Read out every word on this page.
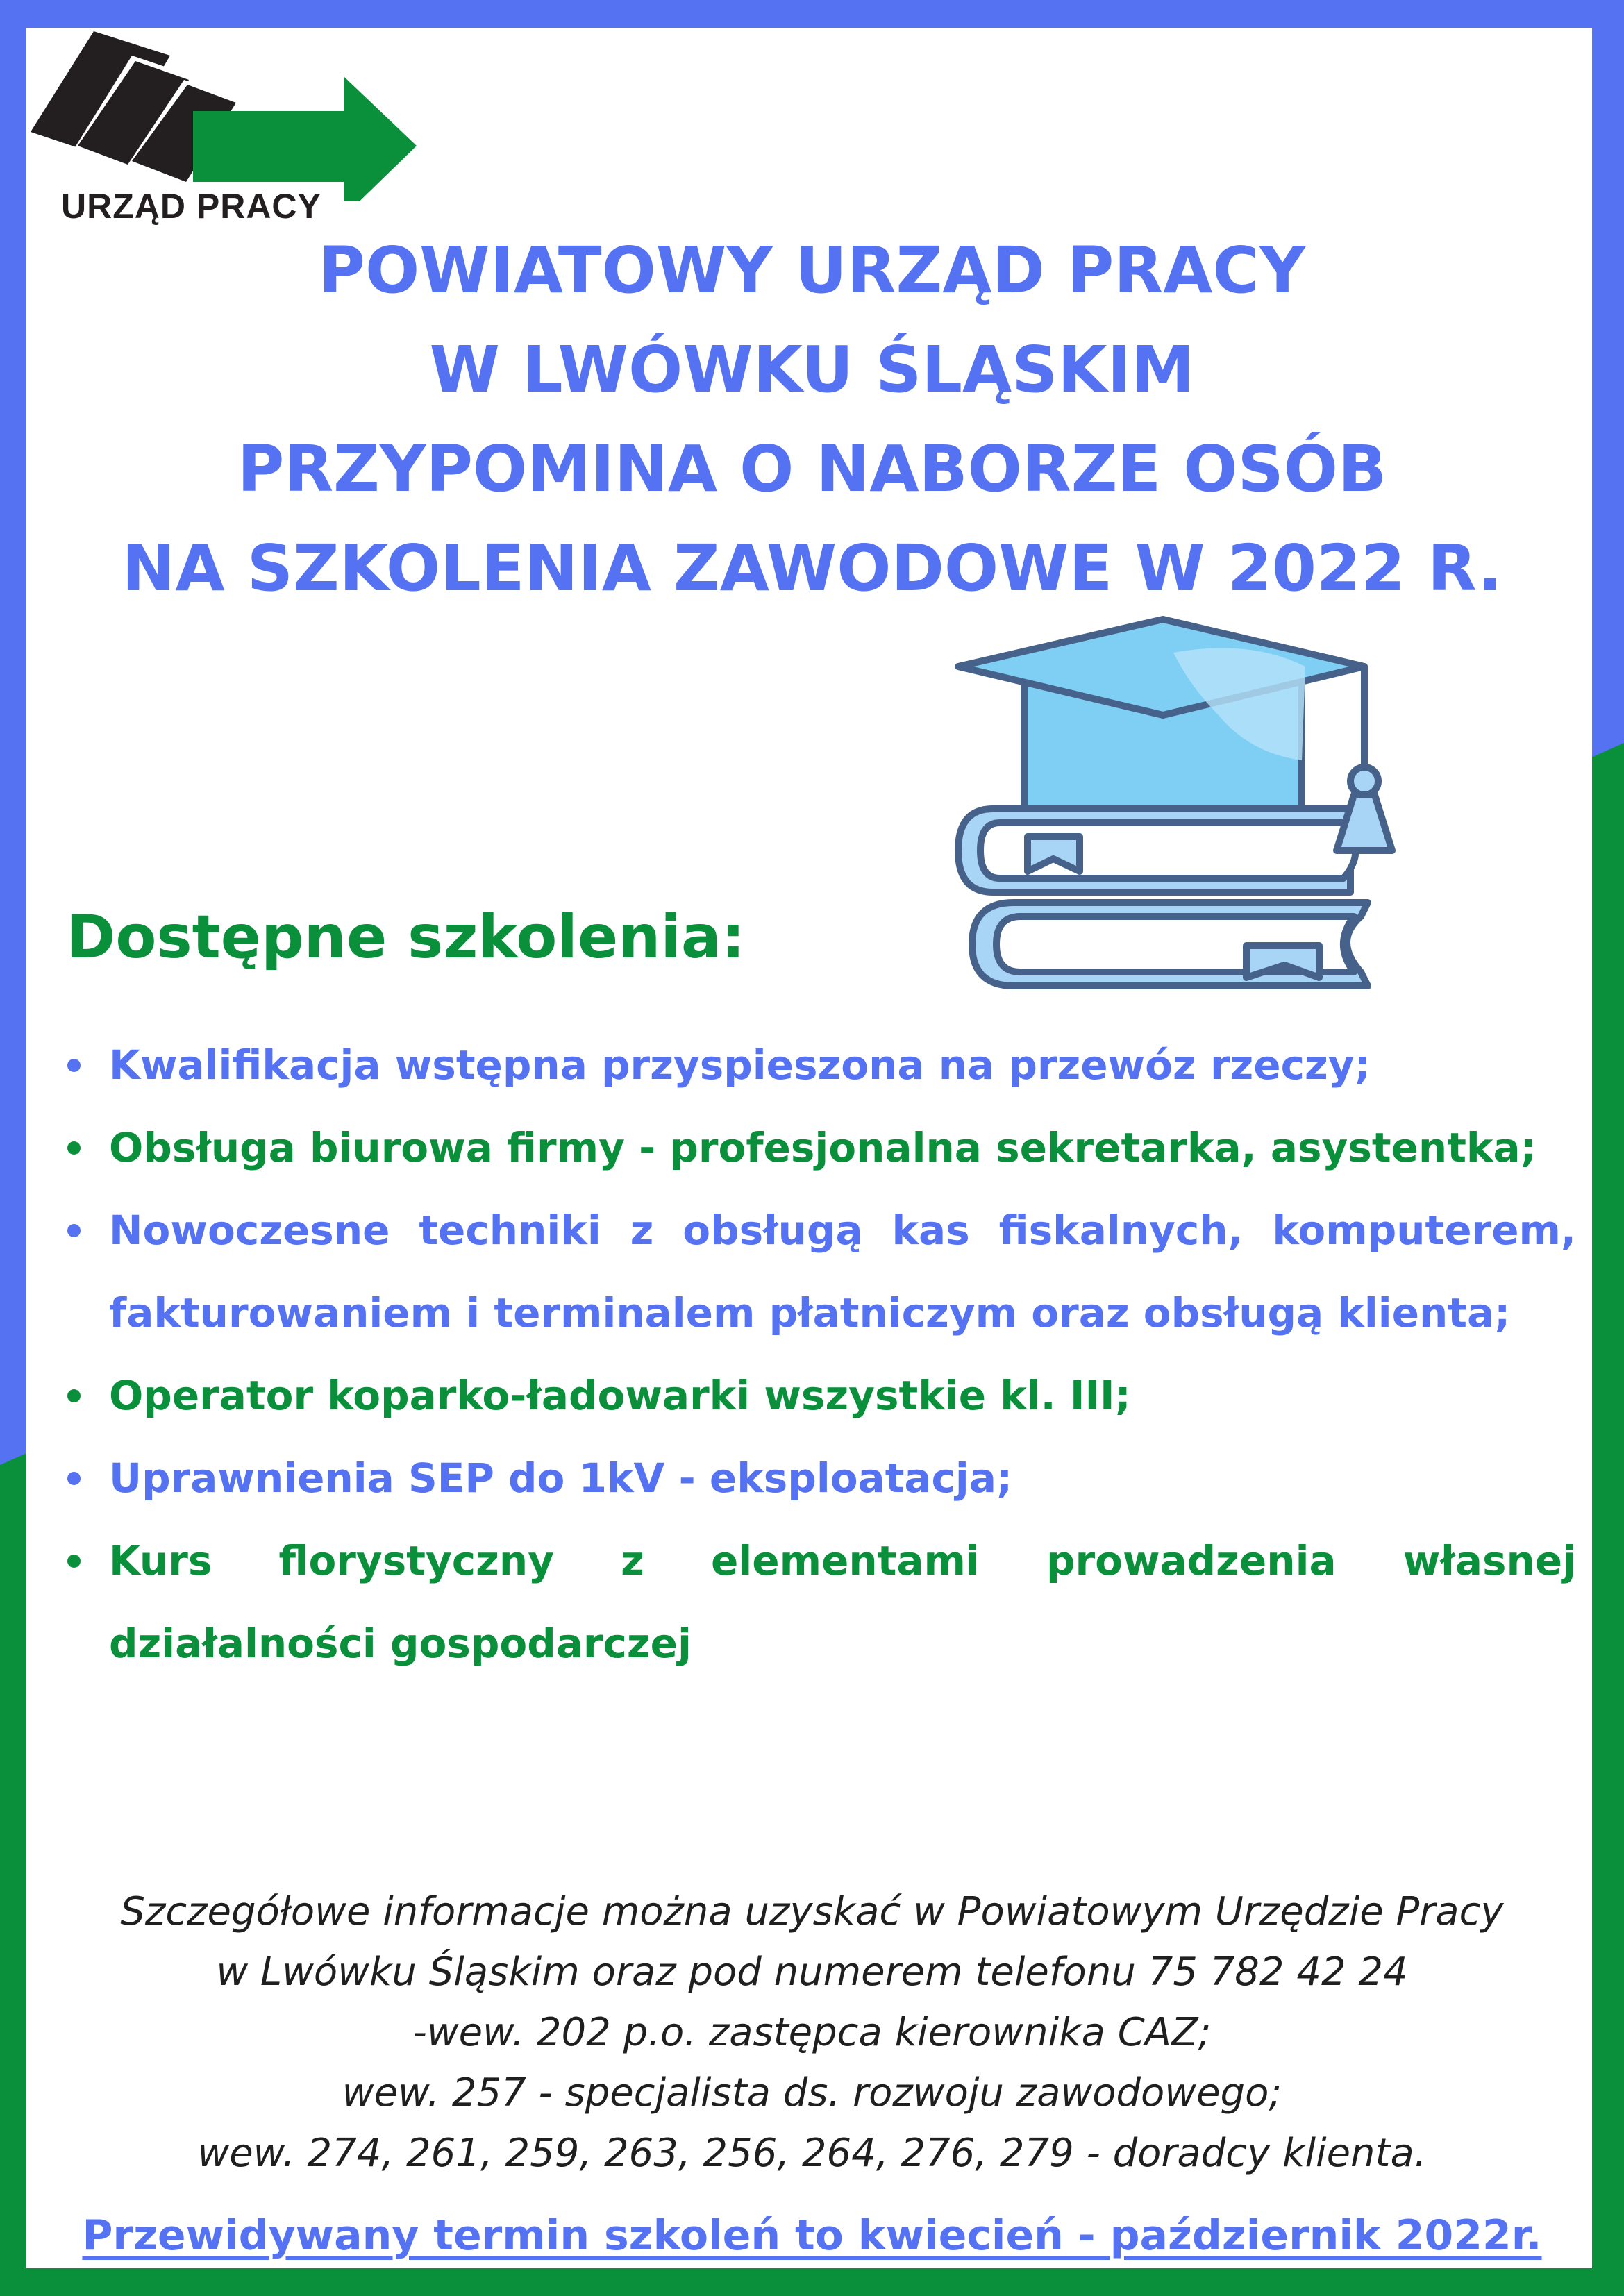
URZĄD PRACY
POWIATOWY URZĄD PRACY
W LWÓWKU ŚLĄSKIM
PRZYPOMINA O NABORZE OSÓB
NA SZKOLENIA ZAWODOWE W 2022 R.
Dostępne szkolenia:
Kwalifikacja wstępna przyspieszona na przewóz rzeczy;
Obsługa biurowa firmy - profesjonalna sekretarka, asystentka;
Nowoczesne techniki z obsługą kas fiskalnych, komputerem, fakturowaniem i terminalem płatniczym oraz obsługą klienta;
Operator koparko-ładowarki wszystkie kl. III;
Uprawnienia SEP do 1kV - eksploatacja;
Kurs florystyczny z elementami prowadzenia własnej działalności gospodarczej
Szczegółowe informacje można uzyskać w Powiatowym Urzędzie Pracy
w Lwówku Śląskim oraz pod numerem telefonu 75 782 42 24
-wew. 202 p.o. zastępca kierownika CAZ;
wew. 257 - specjalista ds. rozwoju zawodowego;
wew. 274, 261, 259, 263, 256, 264, 276, 279 - doradcy klienta.
Przewidywany termin szkoleń to kwiecień - październik 2022r.
